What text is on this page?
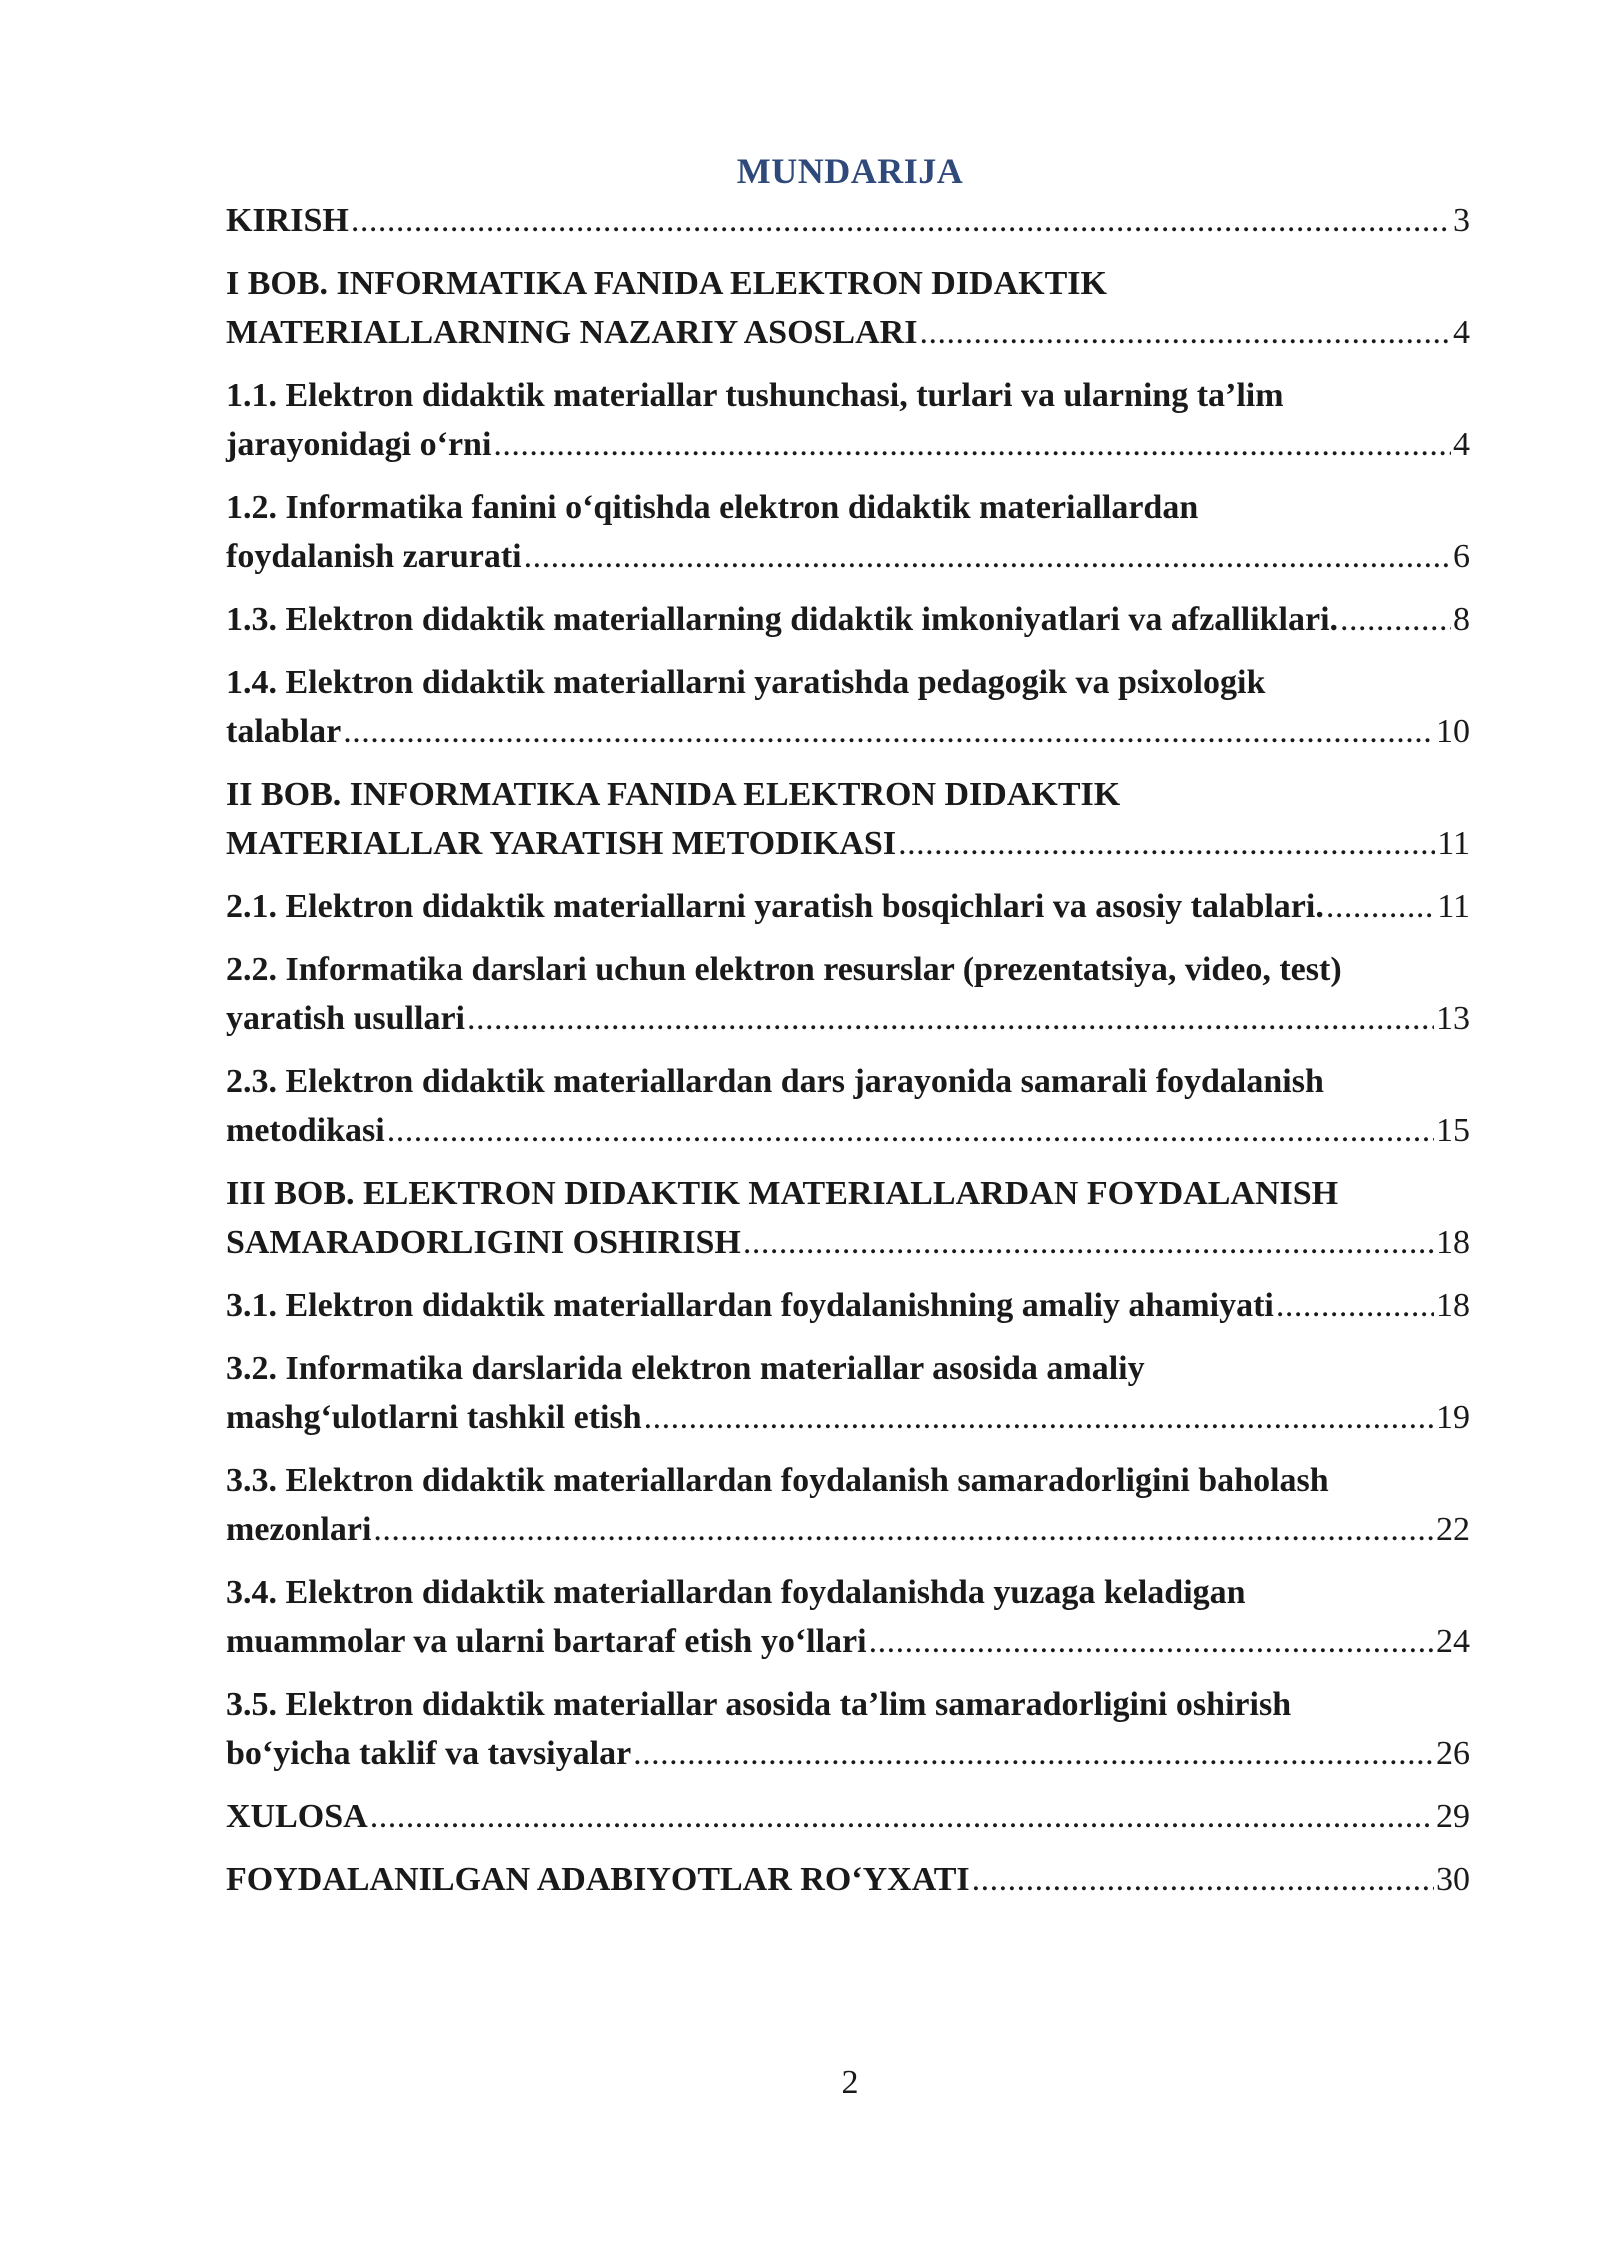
MUNDARIJA
KIRISH .....	3
I BOB. INFORMATIKA FANIDA ELEKTRON DIDAKTIK
MATERIALLARNING NAZARIY ASOSLARI .....	4
1.1. Elektron didaktik materiallar tushunchasi, turlari va ularning ta’lim
jarayonidagi o‘rni .....	4
1.2. Informatika fanini o‘qitishda elektron didaktik materiallardan
foydalanish zarurati .....	6
1.3. Elektron didaktik materiallarning didaktik imkoniyatlari va afzalliklari. .....	8
1.4. Elektron didaktik materiallarni yaratishda pedagogik va psixologik
talablar .....	10
II BOB. INFORMATIKA FANIDA ELEKTRON DIDAKTIK
MATERIALLAR YARATISH METODIKASI .....	11
2.1. Elektron didaktik materiallarni yaratish bosqichlari va asosiy talablari. .....	11
2.2. Informatika darslari uchun elektron resurslar (prezentatsiya, video, test)
yaratish usullari .....	13
2.3. Elektron didaktik materiallardan dars jarayonida samarali foydalanish
metodikasi .....	15
III BOB. ELEKTRON DIDAKTIK MATERIALLARDAN FOYDALANISH
SAMARADORLIGINI OSHIRISH .....	18
3.1. Elektron didaktik materiallardan foydalanishning amaliy ahamiyati .....	18
3.2. Informatika darslarida elektron materiallar asosida amaliy
mashg‘ulotlarni tashkil etish .....	19
3.3. Elektron didaktik materiallardan foydalanish samaradorligini baholash
mezonlari .....	22
3.4. Elektron didaktik materiallardan foydalanishda yuzaga keladigan
muammolar va ularni bartaraf etish yo‘llari .....	24
3.5. Elektron didaktik materiallar asosida ta’lim samaradorligini oshirish
bo‘yicha taklif va tavsiyalar .....	26
XULOSA .....	29
FOYDALANILGAN ADABIYOTLAR RO‘YXATI .....	30
2
